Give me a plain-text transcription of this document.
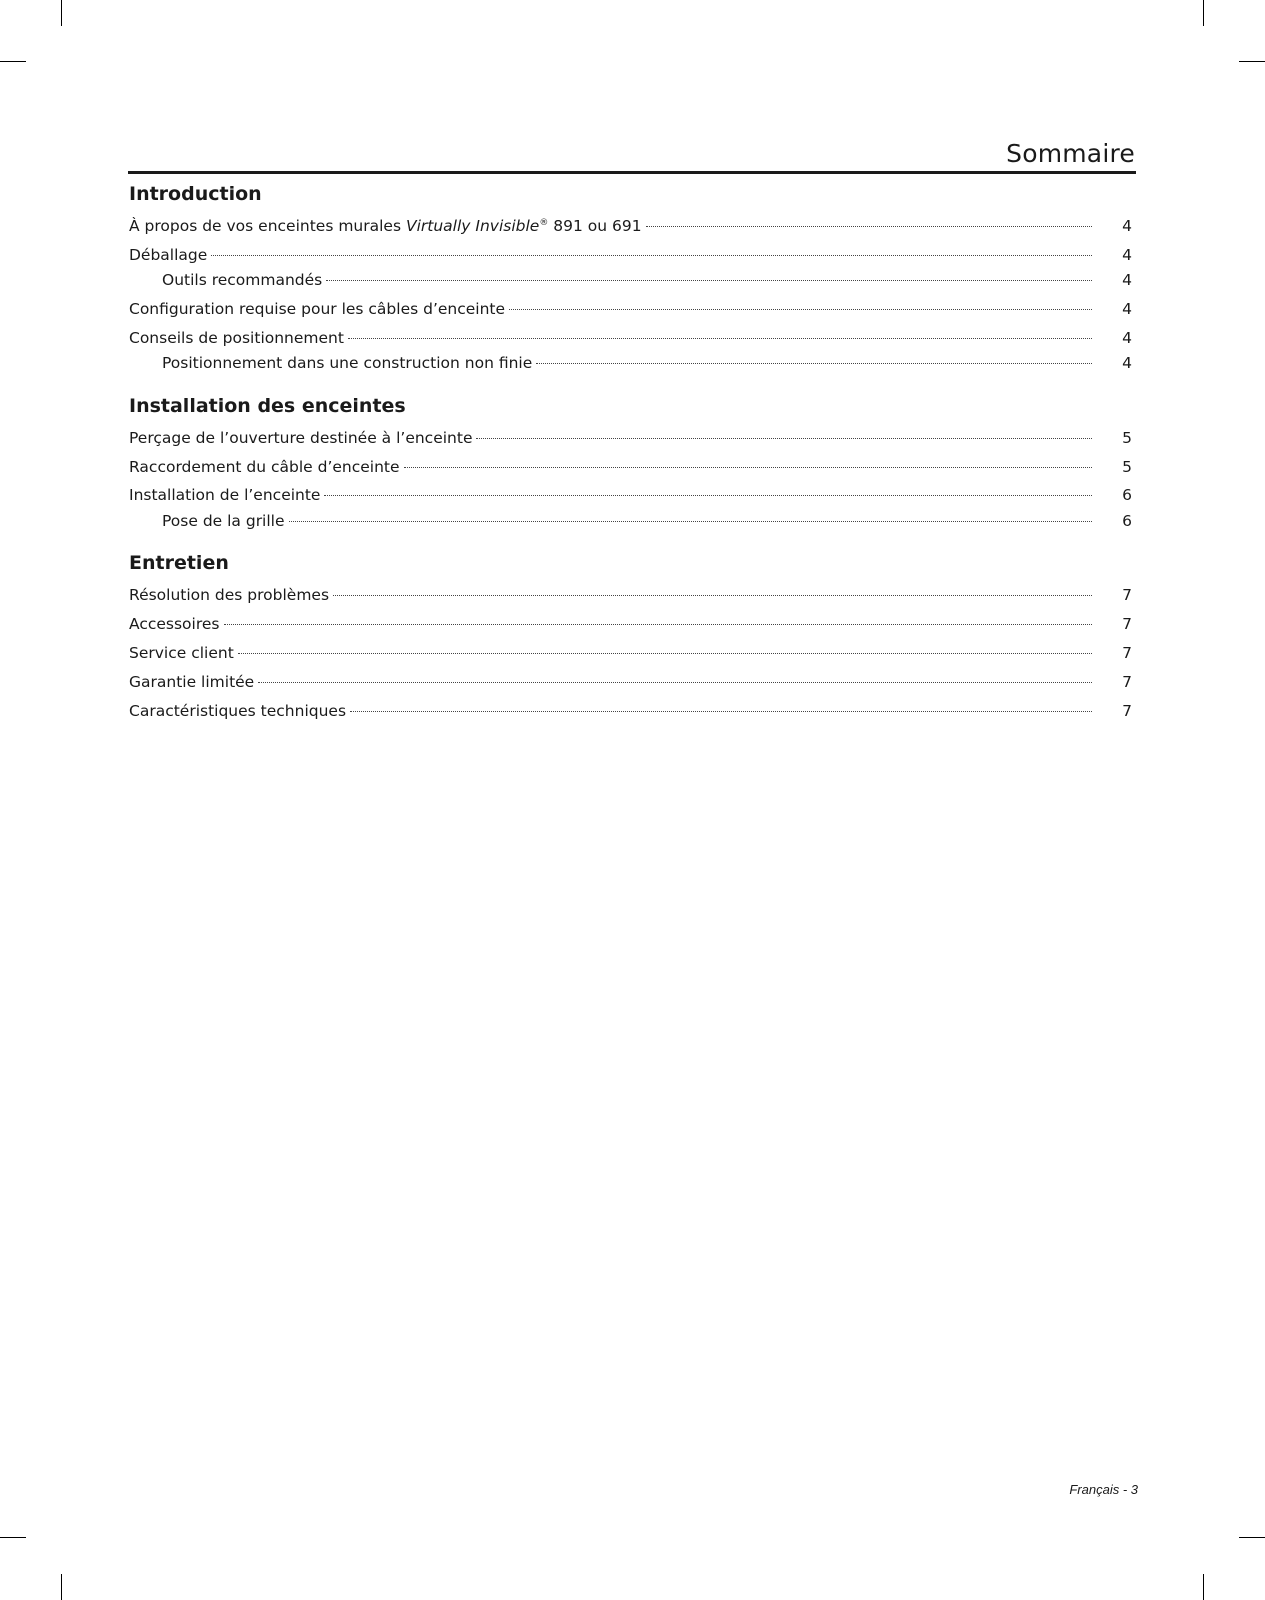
Sommaire
Introduction
À propos de vos enceintes murales Virtually Invisible® 891 ou 691	4
Déballage	4
Outils recommandés	4
Configuration requise pour les câbles d’enceinte	4
Conseils de positionnement	4
Positionnement dans une construction non finie	4
Installation des enceintes
Perçage de l’ouverture destinée à l’enceinte	5
Raccordement du câble d’enceinte	5
Installation de l’enceinte	6
Pose de la grille	6
Entretien
Résolution des problèmes	7
Accessoires	7
Service client	7
Garantie limitée	7
Caractéristiques techniques	7
Français - 3
